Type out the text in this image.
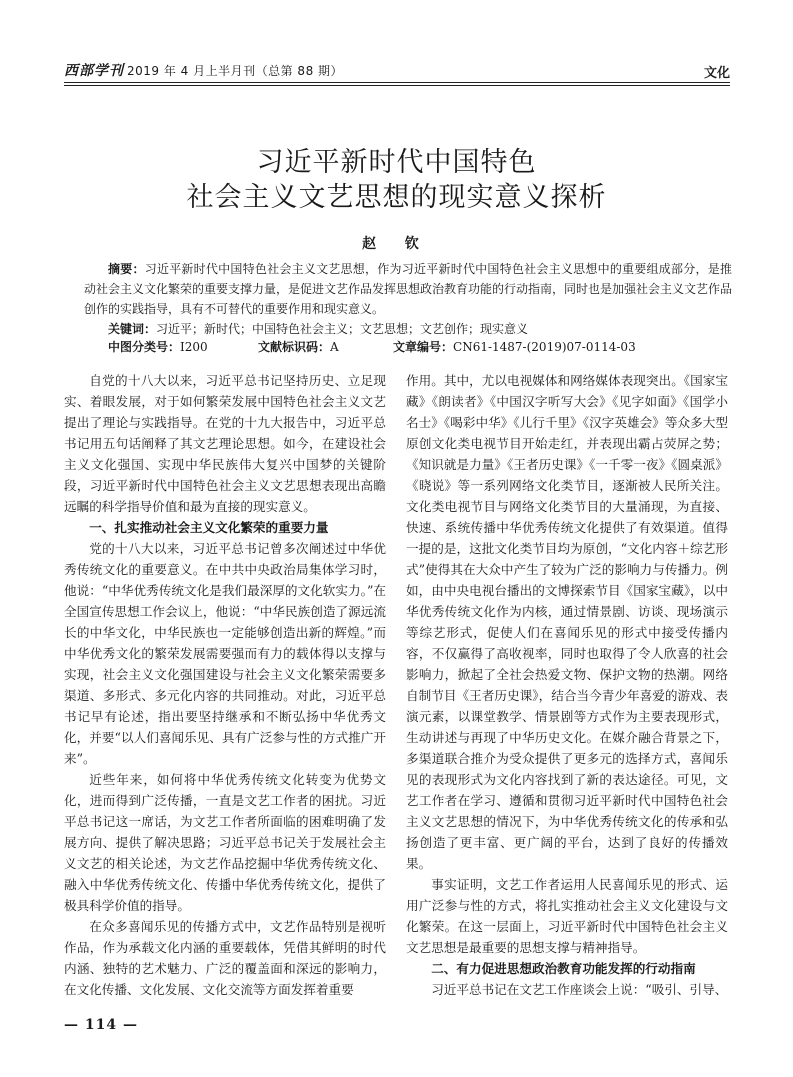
西部学刊 2019 年 4 月上半月刊（总第 88 期）	文化
习近平新时代中国特色
社会主义文艺思想的现实意义探析
赵 钦
摘要：习近平新时代中国特色社会主义文艺思想，作为习近平新时代中国特色社会主义思想中的重要组成部分，是推动社会主义文化繁荣的重要支撑力量，是促进文艺作品发挥思想政治教育功能的行动指南，同时也是加强社会主义文艺作品创作的实践指导，具有不可替代的重要作用和现实意义。
关键词：习近平；新时代；中国特色社会主义；文艺思想；文艺创作；现实意义
中图分类号：I200	文献标识码：A	文章编号：CN61-1487-(2019)07-0114-03

自党的十八大以来，习近平总书记坚持历史、立足现实、着眼发展，对于如何繁荣发展中国特色社会主义文艺提出了理论与实践指导。在党的十九大报告中，习近平总书记用五句话阐释了其文艺理论思想。如今，在建设社会主义文化强国、实现中华民族伟大复兴中国梦的关键阶段，习近平新时代中国特色社会主义文艺思想表现出高瞻远瞩的科学指导价值和最为直接的现实意义。

一、扎实推动社会主义文化繁荣的重要力量

党的十八大以来，习近平总书记曾多次阐述过中华优秀传统文化的重要意义。在中共中央政治局集体学习时，他说：“中华优秀传统文化是我们最深厚的文化软实力。”在全国宣传思想工作会议上，他说：“中华民族创造了源远流长的中华文化，中华民族也一定能够创造出新的辉煌。”而中华优秀文化的繁荣发展需要强而有力的载体得以支撑与实现，社会主义文化强国建设与社会主义文化繁荣需要多渠道、多形式、多元化内容的共同推动。对此，习近平总书记早有论述，指出要坚持继承和不断弘扬中华优秀文化，并要“以人们喜闻乐见、具有广泛参与性的方式推广开来”。

近些年来，如何将中华优秀传统文化转变为优势文化，进而得到广泛传播，一直是文艺工作者的困扰。习近平总书记这一席话，为文艺工作者所面临的困难明确了发展方向、提供了解决思路；习近平总书记关于发展社会主义文艺的相关论述，为文艺作品挖掘中华优秀传统文化、融入中华优秀传统文化、传播中华优秀传统文化，提供了极具科学价值的指导。

在众多喜闻乐见的传播方式中，文艺作品特别是视听作品，作为承载文化内涵的重要载体，凭借其鲜明的时代内涵、独特的艺术魅力、广泛的覆盖面和深远的影响力，在文化传播、文化发展、文化交流等方面发挥着重要

作用。其中，尤以电视媒体和网络媒体表现突出。《国家宝藏》《朗读者》《中国汉字听写大会》《见字如面》《国学小名士》《喝彩中华》《儿行千里》《汉字英雄会》等众多大型原创文化类电视节目开始走红，并表现出霸占荧屏之势；《知识就是力量》《王者历史课》《一千零一夜》《圆桌派》《晓说》等一系列网络文化类节目，逐渐被人民所关注。文化类电视节目与网络文化类节目的大量涌现，为直接、快速、系统传播中华优秀传统文化提供了有效渠道。值得一提的是，这批文化类节目均为原创，“文化内容＋综艺形式”使得其在大众中产生了较为广泛的影响力与传播力。例如，由中央电视台播出的文博探索节目《国家宝藏》，以中华优秀传统文化作为内核，通过情景剧、访谈、现场演示等综艺形式，促使人们在喜闻乐见的形式中接受传播内容，不仅赢得了高收视率，同时也取得了令人欣喜的社会影响力，掀起了全社会热爱文物、保护文物的热潮。网络自制节目《王者历史课》，结合当今青少年喜爱的游戏、表演元素，以课堂教学、情景剧等方式作为主要表现形式，生动讲述与再现了中华历史文化。在媒介融合背景之下，多渠道联合推介为受众提供了更多元的选择方式，喜闻乐见的表现形式为文化内容找到了新的表达途径。可见，文艺工作者在学习、遵循和贯彻习近平新时代中国特色社会主义文艺思想的情况下，为中华优秀传统文化的传承和弘扬创造了更丰富、更广阔的平台，达到了良好的传播效果。

事实证明，文艺工作者运用人民喜闻乐见的形式、运用广泛参与性的方式，将扎实推动社会主义文化建设与文化繁荣。在这一层面上，习近平新时代中国特色社会主义文艺思想是最重要的思想支撑与精神指导。

二、有力促进思想政治教育功能发挥的行动指南

习近平总书记在文艺工作座谈会上说：“吸引、引导、

— 114 —
